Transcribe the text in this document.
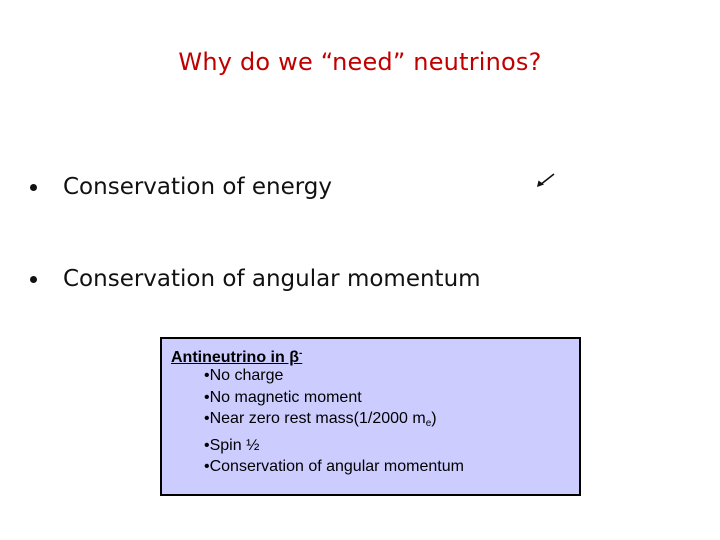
Why do we “need” neutrinos?
Conservation of energy
Conservation of angular momentum
Antineutrino in β-
•No charge
•No magnetic moment
•Near zero rest mass(1/2000 $m_e$)
•Spin ½
•Conservation of angular momentum
